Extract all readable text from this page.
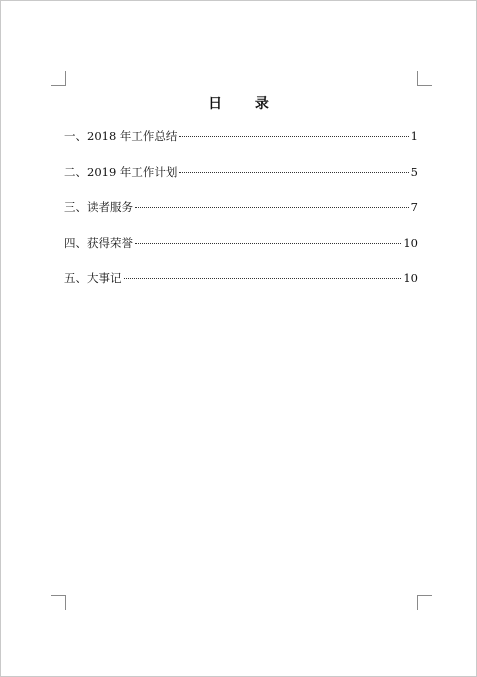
日 录
一、2018 年工作总结	1
二、2019 年工作计划	5
三、读者服务	7
四、获得荣誉	10
五、大事记	10
